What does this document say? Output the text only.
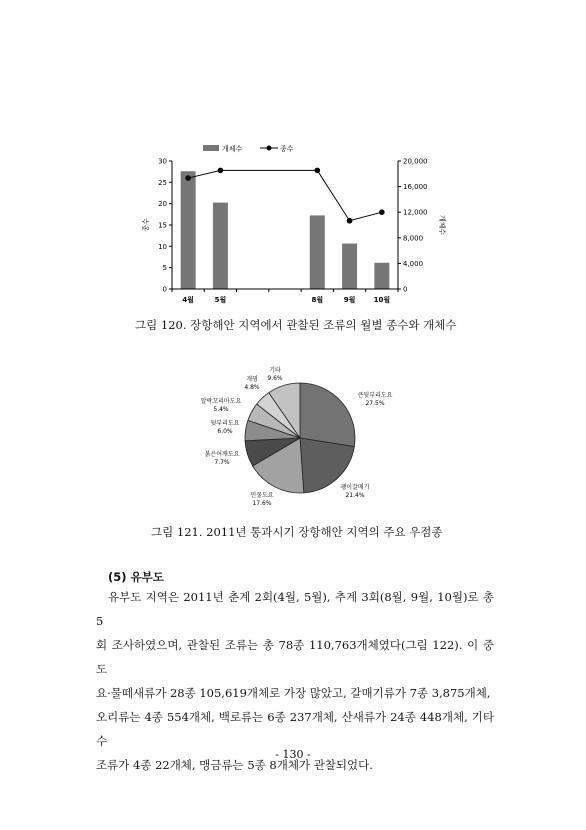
개체수	종수
0
5
10
15
20
25
30
0
4,000
8,000
12,000
16,000
20,000
4월	5월	8월	9월	10월
종수	개체수
그림 120. 장항해안 지역에서 관찰된 조류의 월별 종수와 개체수
큰뒷부리도요
27.5%
괭이갈매기
21.4%
민물도요
17.6%
붉은어깨도요
7.7%
뒷부리도요
6.0%
알락꼬리마도요
5.4%
개꿩
4.8%
기타
9.6%
그림 121. 2011년 통과시기 장항해안 지역의 주요 우점종
(5) 유부도
유부도 지역은 2011년 춘계 2회(4월, 5월), 추계 3회(8월, 9월, 10월)로 총 5
회 조사하였으며, 관찰된 조류는 총 78종 110,763개체였다(그림 122). 이 중 도
요·물떼새류가 28종 105,619개체로 가장 많았고, 갈매기류가 7종 3,875개체,
오리류는 4종 554개체, 백로류는 6종 237개체, 산새류가 24종 448개체, 기타수
조류가 4종 22개체, 맹금류는 5종 8개체가 관찰되었다.
- 130 -
